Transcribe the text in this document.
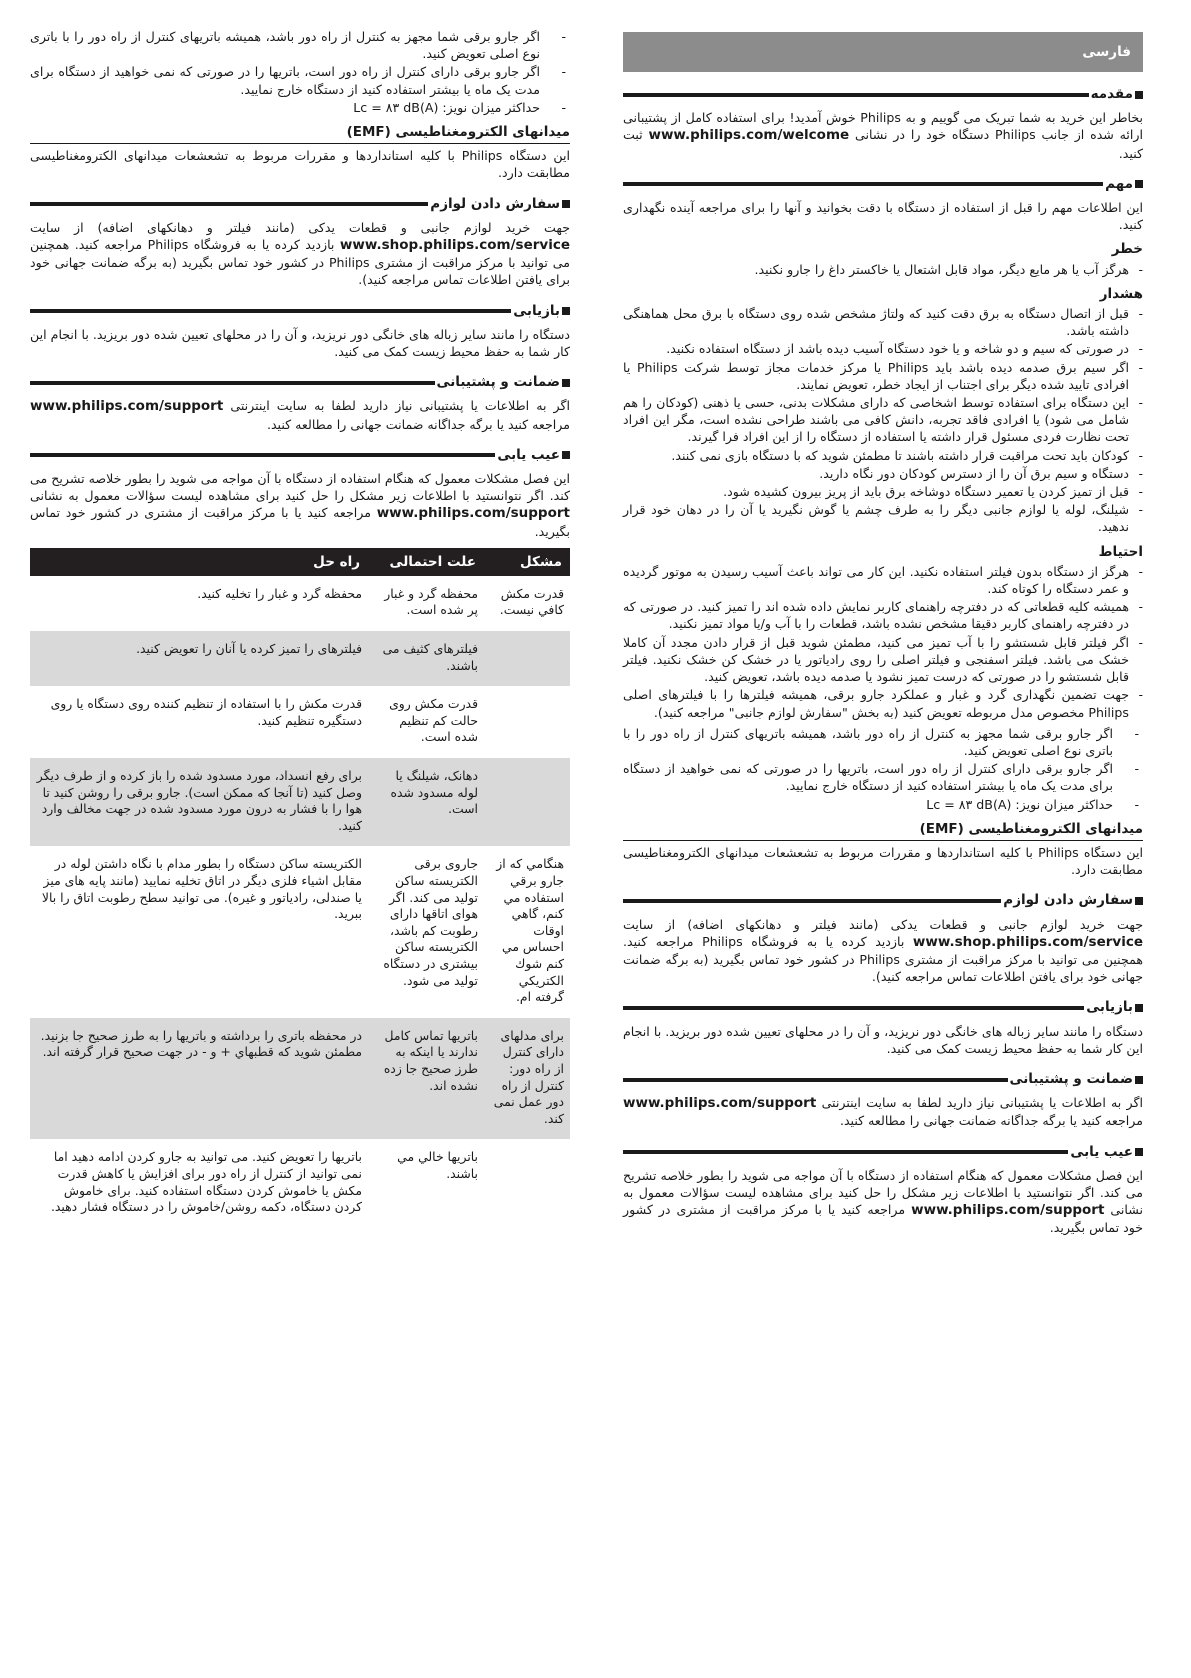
فارسی
مقدمه

بخاطر این خرید به شما تبریک می گوییم و به Philips خوش آمدید! برای استفاده کامل از پشتیبانی ارائه شده از جانب Philips دستگاه خود را در نشانی www.philips.com/welcome ثبت کنید.

مهم

این اطلاعات مهم را قبل از استفاده از دستگاه با دقت بخوانید و آنها را برای مراجعه آینده نگهداری کنید.

خطر
- هرگز آب یا هر مایع دیگر، مواد قابل اشتعال یا خاکستر داغ را جارو نکنید.
هشدار
- قبل از اتصال دستگاه به برق دقت کنید که ولتاژ مشخص شده روی دستگاه با برق محل هماهنگی داشته باشد.
- در صورتی که سیم و دو شاخه و یا خود دستگاه آسیب دیده باشد از دستگاه استفاده نکنید.
- اگر سیم برق صدمه دیده باشد باید Philips یا مرکز خدمات مجاز توسط شرکت Philips یا افرادی تایید شده دیگر برای اجتناب از ایجاد خطر، تعویض نمایند.
- این دستگاه برای استفاده توسط اشخاصی که دارای مشکلات بدنی، حسی یا ذهنی (کودکان را هم شامل می شود) یا افرادی فاقد تجربه، دانش کافی می باشند طراحی نشده است، مگر این افراد تحت نظارت فردی مسئول قرار داشته یا استفاده از دستگاه را از این افراد فرا گیرند.
- کودکان باید تحت مراقبت قرار داشته باشند تا مطمئن شوید که با دستگاه بازی نمی کنند.
- دستگاه و سیم برق آن را از دسترس کودکان دور نگاه دارید.
- قبل از تمیز کردن یا تعمیر دستگاه دوشاخه برق باید از پریز بیرون کشیده شود.
- شیلنگ، لوله یا لوازم جانبی دیگر را به طرف چشم یا گوش نگیرید یا آن را در دهان خود قرار ندهید.
احتیاط
- هرگز از دستگاه بدون فیلتر استفاده نکنید. این کار می تواند باعث آسیب رسیدن به موتور گردیده و عمر دستگاه را کوتاه کند.
- همیشه کلیه قطعاتی که در دفترچه راهنمای کاربر نمایش داده شده اند را تمیز کنید. در صورتی که در دفترچه راهنمای کاربر دقیقا مشخص نشده باشد، قطعات را با آب و/یا مواد تمیز نکنید.
- اگر فیلتر قابل شستشو را با آب تمیز می کنید، مطمئن شوید قبل از قرار دادن مجدد آن کاملا خشک می باشد. فیلتر اسفنجی و فیلتر اصلی را روی رادیاتور یا در خشک کن خشک نکنید. فیلتر قابل شستشو را در صورتی که درست تمیز نشود یا صدمه دیده باشد، تعویض کنید.
- جهت تضمین نگهداری گرد و غبار و عملکرد جارو برقی، همیشه فیلترها را با فیلترهای اصلی Philips مخصوص مدل مربوطه تعویض کنید (به بخش "سفارش لوازم جانبی" مراجعه کنید).
- اگر جارو برقی شما مجهز به کنترل از راه دور باشد، همیشه باتریهای کنترل از راه دور را با باتری نوع اصلی تعویض کنید.
- اگر جارو برقی دارای کنترل از راه دور است، باتریها را در صورتی که نمی خواهید از دستگاه برای مدت یک ماه یا بیشتر استفاده کنید از دستگاه خارج نمایید.
- حداکثر میزان نویز: Lc = ۸۳ dB(A)
میدانهای الکترومغناطیسی (EMF)

این دستگاه Philips با کلیه استانداردها و مقررات مربوط به تشعشعات میدانهای الکترومغناطیسی مطابقت دارد.

سفارش دادن لوازم

جهت خرید لوازم جانبی و قطعات یدکی (مانند فیلتر و دهانکهای اضافه) از سایت www.shop.philips.com/service بازدید کرده یا به فروشگاه Philips مراجعه کنید. همچنین می توانید با مرکز مراقبت از مشتری Philips در کشور خود تماس بگیرید (به برگه ضمانت جهانی خود برای یافتن اطلاعات تماس مراجعه کنید).

بازیابی

دستگاه را مانند سایر زباله های خانگی دور نریزید، و آن را در محلهای تعیین شده دور بریزید. با انجام این کار شما به حفظ محیط زیست کمک می کنید.

ضمانت و پشتیبانی

اگر به اطلاعات یا پشتیبانی نیاز دارید لطفا به سایت اینترنتی www.philips.com/support مراجعه کنید یا برگه جداگانه ضمانت جهانی را مطالعه کنید.

عیب یابی

این فصل مشکلات معمول که هنگام استفاده از دستگاه با آن مواجه می شوید را بطور خلاصه تشریح می کند. اگر نتوانستید با اطلاعات زیر مشکل را حل کنید برای مشاهده لیست سؤالات معمول به نشانی www.philips.com/support مراجعه کنید یا با مرکز مراقبت از مشتری در کشور خود تماس بگیرید.

- اگر جارو برقی شما مجهز به کنترل از راه دور باشد، همیشه باتریهای کنترل از راه دور را با باتری نوع اصلی تعویض کنید.
- اگر جارو برقی دارای کنترل از راه دور است، باتریها را در صورتی که نمی خواهید از دستگاه برای مدت یک ماه یا بیشتر استفاده کنید از دستگاه خارج نمایید.
- حداکثر میزان نویز: Lc = ۸۳ dB(A)
میدانهای الکترومغناطیسی (EMF)

این دستگاه Philips با کلیه استانداردها و مقررات مربوط به تشعشعات میدانهای الکترومغناطیسی مطابقت دارد.

سفارش دادن لوازم

جهت خرید لوازم جانبی و قطعات یدکی (مانند فیلتر و دهانکهای اضافه) از سایت www.shop.philips.com/service بازدید کرده یا به فروشگاه Philips مراجعه کنید. همچنین می توانید با مرکز مراقبت از مشتری Philips در کشور خود تماس بگیرید (به برگه ضمانت جهانی خود برای یافتن اطلاعات تماس مراجعه کنید).

بازیابی

دستگاه را مانند سایر زباله های خانگی دور نریزید، و آن را در محلهای تعیین شده دور بریزید. با انجام این کار شما به حفظ محیط زیست کمک می کنید.

ضمانت و پشتیبانی

اگر به اطلاعات یا پشتیبانی نیاز دارید لطفا به سایت اینترنتی www.philips.com/support مراجعه کنید یا برگه جداگانه ضمانت جهانی را مطالعه کنید.

عیب یابی

این فصل مشکلات معمول که هنگام استفاده از دستگاه با آن مواجه می شوید را بطور خلاصه تشریح می کند. اگر نتوانستید با اطلاعات زیر مشکل را حل کنید برای مشاهده لیست سؤالات معمول به نشانی www.philips.com/support مراجعه کنید یا با مرکز مراقبت از مشتری در کشور خود تماس بگیرید.

مشکل	علت احتمالی	راه حل
قدرت مکش کافي نیست.	محفظه گرد و غبار پر شده است.	محفظه گرد و غبار را تخلیه کنید.
	فیلترهای کثیف می باشند.	فیلترهای را تمیز کرده یا آنان را تعویض کنید.
	قدرت مکش روی حالت کم تنظیم شده است.	قدرت مکش را با استفاده از تنظیم کننده روی دستگاه یا روی دستگیره تنظیم کنید.
	دهانک، شیلنگ یا لوله مسدود شده است.	برای رفع انسداد، مورد مسدود شده را باز کرده و از طرف دیگر وصل کنید (تا آنجا که ممکن است). جارو برقی را روشن کنید تا هوا را با فشار به درون مورد مسدود شده در جهت مخالف وارد کنید.
هنگامي که از جارو برقي استفاده مي کنم، گاهي اوقات احساس مي کنم شوك الکتريکي گرفته ام.	جاروی برقی الکتریسته ساکن تولید می کند. اگر هوای اتاقها دارای رطوبت کم باشد، الکتریسته ساکن بیشتری در دستگاه تولید می شود.	الکتریسته ساکن دستگاه را بطور مدام با نگاه داشتن لوله در مقابل اشیاء فلزی دیگر در اتاق تخلیه نمایید (مانند پایه های میز یا صندلی، رادیاتور و غیره). می توانید سطح رطوبت اتاق را بالا ببرید.
برای مدلهای دارای کنترل از راه دور: کنترل از راه دور عمل نمی کند.	باتریها تماس کامل ندارند یا اینکه به طرز صحیح جا زده نشده اند.	در محفظه باتری را برداشته و باتریها را به طرز صحیح جا بزنید. مطمئن شوید که قطبهاي + و - در جهت صحیح قرار گرفته اند.
	باتریها خالي مي باشند.	باتریها را تعویض کنید. می توانید به جارو کردن ادامه دهید اما نمی توانید از کنترل از راه دور برای افزایش یا کاهش قدرت مکش یا خاموش کردن دستگاه استفاده کنید. برای خاموش کردن دستگاه، دکمه روشن/خاموش را در دستگاه فشار دهید.
